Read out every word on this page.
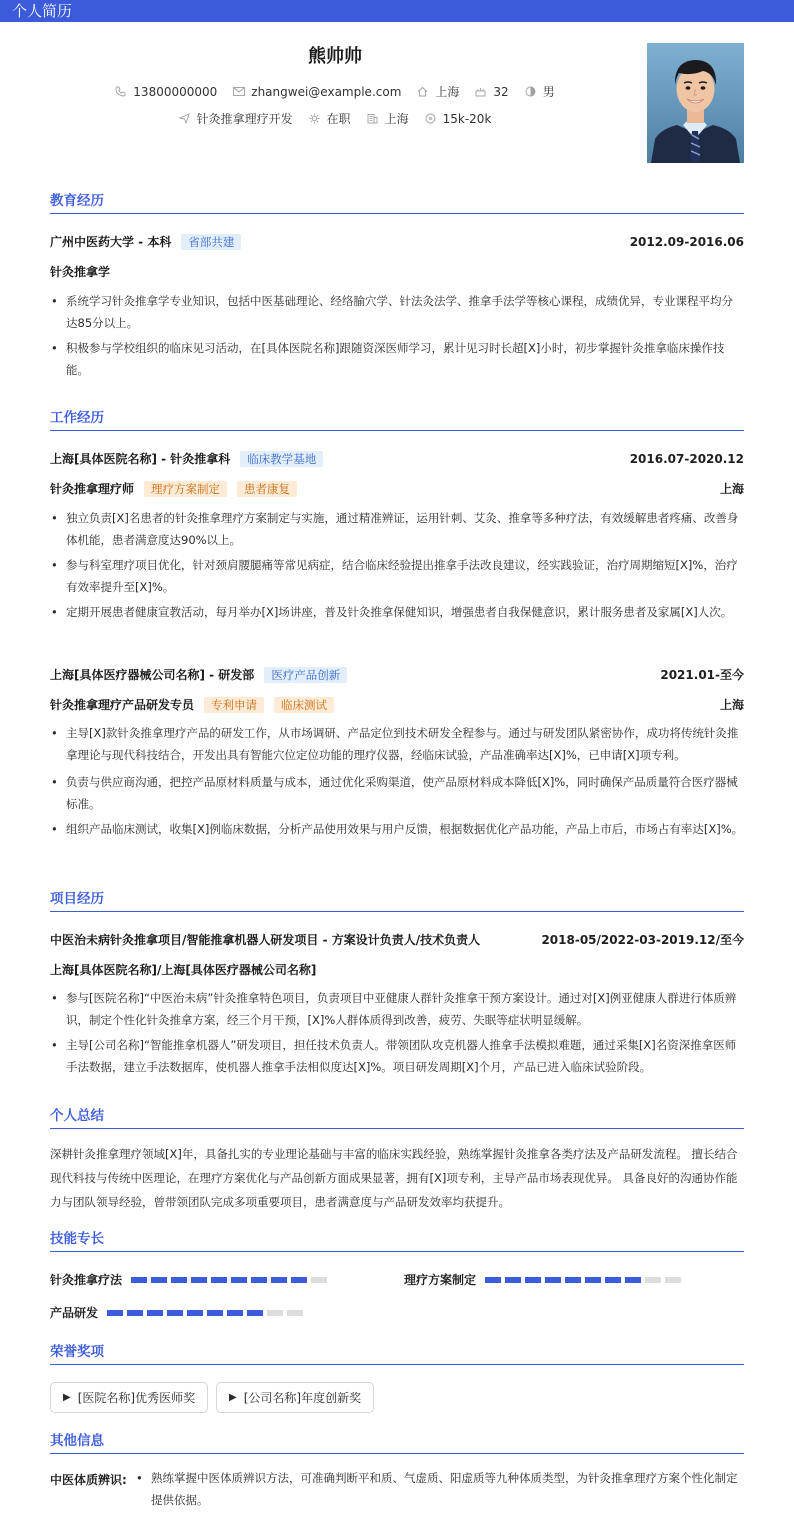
个人简历
熊帅帅
13800000000	zhangwei@example.com	上海	32	男
针灸推拿理疗开发	在职	上海	15k-20k
教育经历
广州中医药大学 - 本科	省部共建	2012.09-2016.06
针灸推拿学
• 系统学习针灸推拿学专业知识，包括中医基础理论、经络腧穴学、针法灸法学、推拿手法学等核心课程，成绩优异，专业课程平均分达85分以上。
• 积极参与学校组织的临床见习活动，在[具体医院名称]跟随资深医师学习，累计见习时长超[X]小时，初步掌握针灸推拿临床操作技能。
工作经历
上海[具体医院名称] - 针灸推拿科	临床教学基地	2016.07-2020.12
针灸推拿理疗师	理疗方案制定	患者康复	上海
• 独立负责[X]名患者的针灸推拿理疗方案制定与实施，通过精准辨证，运用针刺、艾灸、推拿等多种疗法，有效缓解患者疼痛、改善身体机能，患者满意度达90%以上。
• 参与科室理疗项目优化，针对颈肩腰腿痛等常见病症，结合临床经验提出推拿手法改良建议，经实践验证，治疗周期缩短[X]%，治疗有效率提升至[X]%。
• 定期开展患者健康宣教活动，每月举办[X]场讲座，普及针灸推拿保健知识，增强患者自我保健意识，累计服务患者及家属[X]人次。
上海[具体医疗器械公司名称] - 研发部	医疗产品创新	2021.01-至今
针灸推拿理疗产品研发专员	专利申请	临床测试	上海
• 主导[X]款针灸推拿理疗产品的研发工作，从市场调研、产品定位到技术研发全程参与。通过与研发团队紧密协作，成功将传统针灸推拿理论与现代科技结合，开发出具有智能穴位定位功能的理疗仪器，经临床试验，产品准确率达[X]%，已申请[X]项专利。
• 负责与供应商沟通，把控产品原材料质量与成本，通过优化采购渠道，使产品原材料成本降低[X]%，同时确保产品质量符合医疗器械标准。
• 组织产品临床测试，收集[X]例临床数据，分析产品使用效果与用户反馈，根据数据优化产品功能，产品上市后，市场占有率达[X]%。
项目经历
中医治未病针灸推拿项目/智能推拿机器人研发项目 - 方案设计负责人/技术负责人	2018-05/2022-03-2019.12/至今
上海[具体医院名称]/上海[具体医疗器械公司名称]
• 参与[医院名称]“中医治未病”针灸推拿特色项目，负责项目中亚健康人群针灸推拿干预方案设计。通过对[X]例亚健康人群进行体质辨识，制定个性化针灸推拿方案，经三个月干预，[X]%人群体质得到改善，疲劳、失眠等症状明显缓解。
• 主导[公司名称]“智能推拿机器人”研发项目，担任技术负责人。带领团队攻克机器人推拿手法模拟难题，通过采集[X]名资深推拿医师手法数据，建立手法数据库，使机器人推拿手法相似度达[X]%。项目研发周期[X]个月，产品已进入临床试验阶段。
个人总结
深耕针灸推拿理疗领域[X]年，具备扎实的专业理论基础与丰富的临床实践经验，熟练掌握针灸推拿各类疗法及产品研发流程。 擅长结合现代科技与传统中医理论，在理疗方案优化与产品创新方面成果显著，拥有[X]项专利，主导产品市场表现优异。 具备良好的沟通协作能力与团队领导经验，曾带领团队完成多项重要项目，患者满意度与产品研发效率均获提升。
技能专长
针灸推拿疗法	理疗方案制定
产品研发
荣誉奖项
▶ [医院名称]优秀医师奖	▶ [公司名称]年度创新奖
其他信息
中医体质辨识:
•	熟练掌握中医体质辨识方法，可准确判断平和质、气虚质、阳虚质等九种体质类型，为针灸推拿理疗方案个性化制定提供依据。
